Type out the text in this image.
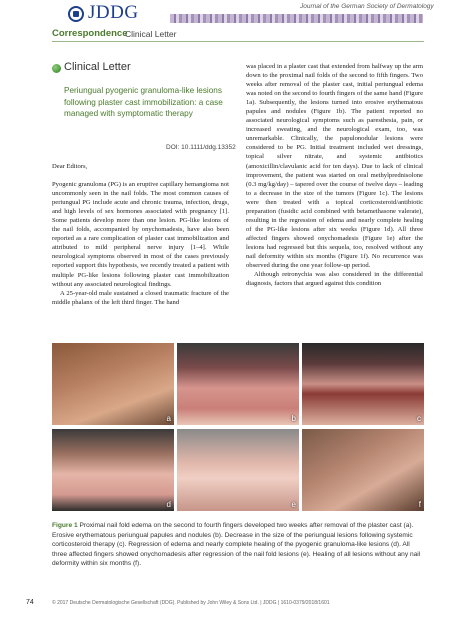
JDDG	Journal of the German Society of Dermatology
Correspondence
Clinical Letter
Clinical Letter
Periungual pyogenic granuloma-like lesions following plaster cast immobilization: a case managed with symptomatic therapy
DOI: 10.1111/ddg.13352

Dear Editors,

Pyogenic granuloma (PG) is an eruptive capillary hemangioma not uncommonly seen in the nail folds. The most common causes of periungual PG include acute and chronic trauma, infection, drugs, and high levels of sex hormones associated with pregnancy [1]. Some patients develop more than one lesion. PG-like lesions of the nail folds, accompanied by onychomadesis, have also been reported as a rare complication of plaster cast immobilization and attributed to mild peripheral nerve injury [1–4]. While neurological symptoms observed in most of the cases previously reported support this hypothesis, we recently treated a patient with multiple PG-like lesions following plaster cast immobilization without any associated neurological findings.

A 25-year-old male sustained a closed traumatic fracture of the middle phalanx of the left third finger. The hand

was placed in a plaster cast that extended from halfway up the arm down to the proximal nail folds of the second to fifth fingers. Two weeks after removal of the plaster cast, initial periungual edema was noted on the second to fourth fingers of the same hand (Figure 1a). Subsequently, the lesions turned into erosive erythematous papules and nodules (Figure 1b). The patient reported no associated neurological symptoms such as paresthesia, pain, or increased sweating, and the neurological exam, too, was unremarkable. Clinically, the papulonodular lesions were considered to be PG. Initial treatment included wet dressings, topical silver nitrate, and systemic antibiotics (amoxicillin/clavulanic acid for ten days). Due to lack of clinical improvement, the patient was started on oral methylprednisolone (0.3 mg/kg/day) – tapered over the course of twelve days – leading to a decrease in the size of the tumors (Figure 1c). The lesions were then treated with a topical corticosteroid/antibiotic preparation (fusidic acid combined with betamethasone valerate), resulting in the regression of edema and nearly complete healing of the PG-like lesions after six weeks (Figure 1d). All three affected fingers showed onychomadesis (Figure 1e) after the lesions had regressed but this sequela, too, resolved without any nail deformity within six months (Figure 1f). No recurrence was observed during the one year follow-up period.

Although retronychia was also considered in the differential diagnosis, factors that argued against this condition

a	b	c
d	e	f
Figure 1 Proximal nail fold edema on the second to fourth fingers developed two weeks after removal of the plaster cast (a). Erosive erythematous periungual papules and nodules (b). Decrease in the size of the periungual lesions following systemic corticosteroid therapy (c). Regression of edema and nearly complete healing of the pyogenic granuloma-like lesions (d). All three affected fingers showed onychomadesis after regression of the nail fold lesions (e). Healing of all lesions without any nail deformity within six months (f).
74	© 2017 Deutsche Dermatologische Gesellschaft (DDG). Published by John Wiley & Sons Ltd. | JDDG | 1610-0379/2018/1601
